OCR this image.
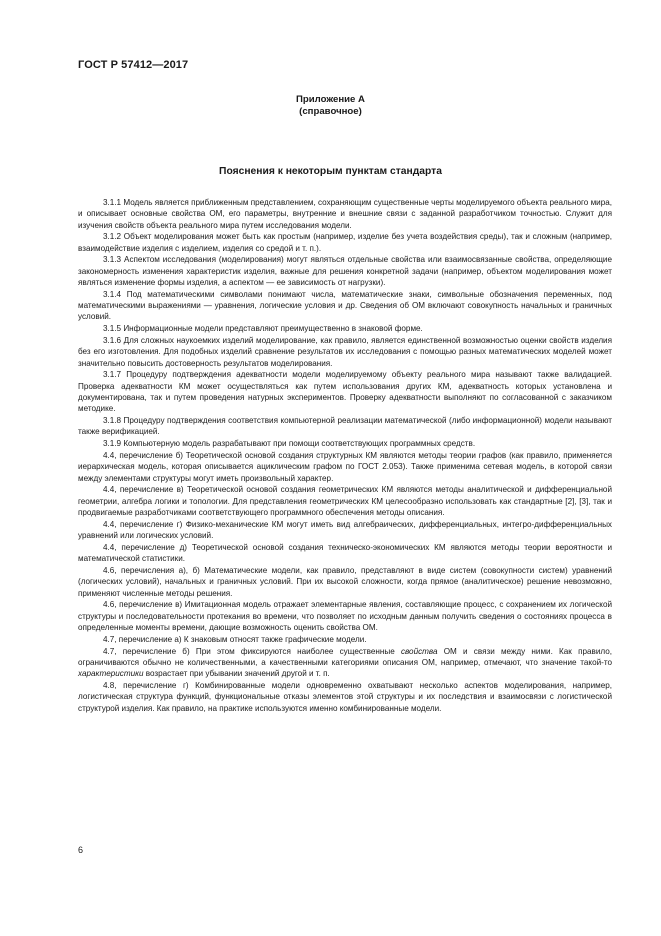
ГОСТ Р 57412—2017
Приложение А
(справочное)
Пояснения к некоторым пунктам стандарта

3.1.1 Модель является приближенным представлением, сохраняющим существенные черты моделируемого объекта реального мира, и описывает основные свойства ОМ, его параметры, внутренние и внешние связи с заданной разработчиком точностью. Служит для изучения свойств объекта реального мира путем исследования модели.

3.1.2 Объект моделирования может быть как простым (например, изделие без учета воздействия среды), так и сложным (например, взаимодействие изделия с изделием, изделия со средой и т. п.).

3.1.3 Аспектом исследования (моделирования) могут являться отдельные свойства или взаимосвязанные свойства, определяющие закономерность изменения характеристик изделия, важные для решения конкретной задачи (например, объектом моделирования может являться изменение формы изделия, а аспектом — ее зависимость от нагрузки).

3.1.4 Под математическими символами понимают числа, математические знаки, символьные обозначения переменных, под математическими выражениями — уравнения, логические условия и др. Сведения об ОМ включают совокупность начальных и граничных условий.

3.1.5 Информационные модели представляют преимущественно в знаковой форме.

3.1.6 Для сложных наукоемких изделий моделирование, как правило, является единственной возможностью оценки свойств изделия без его изготовления. Для подобных изделий сравнение результатов их исследования с помощью разных математических моделей может значительно повысить достоверность результатов моделирования.

3.1.7 Процедуру подтверждения адекватности модели моделируемому объекту реального мира называют также валидацией. Проверка адекватности КМ может осуществляться как путем использования других КМ, адекватность которых установлена и документирована, так и путем проведения натурных экспериментов. Проверку адекватности выполняют по согласованной с заказчиком методике.

3.1.8 Процедуру подтверждения соответствия компьютерной реализации математической (либо информационной) модели называют также верификацией.

3.1.9 Компьютерную модель разрабатывают при помощи соответствующих программных средств.

4.4, перечисление б) Теоретической основой создания структурных КМ являются методы теории графов (как правило, применяется иерархическая модель, которая описывается ациклическим графом по ГОСТ 2.053). Также применима сетевая модель, в которой связи между элементами структуры могут иметь произвольный характер.

4.4, перечисление в) Теоретической основой создания геометрических КМ являются методы аналитической и дифференциальной геометрии, алгебра логики и топологии. Для представления геометрических КМ целесообразно использовать как стандартные [2], [3], так и продвигаемые разработчиками соответствующего программного обеспечения методы описания.

4.4, перечисление г) Физико-механические КМ могут иметь вид алгебраических, дифференциальных, интегро-дифференциальных уравнений или логических условий.

4.4, перечисление д) Теоретической основой создания техническо-экономических КМ являются методы теории вероятности и математической статистики.

4.6, перечисления а), б) Математические модели, как правило, представляют в виде систем (совокупности систем) уравнений (логических условий), начальных и граничных условий. При их высокой сложности, когда прямое (аналитическое) решение невозможно, применяют численные методы решения.

4.6, перечисление в) Имитационная модель отражает элементарные явления, составляющие процесс, с сохранением их логической структуры и последовательности протекания во времени, что позволяет по исходным данным получить сведения о состояниях процесса в определенные моменты времени, дающие возможность оценить свойства ОМ.

4.7, перечисление а) К знаковым относят также графические модели.

4.7, перечисление б) При этом фиксируются наиболее существенные свойства ОМ и связи между ними. Как правило, ограничиваются обычно не количественными, а качественными категориями описания ОМ, например, отмечают, что значение такой-то характеристики возрастает при убывании значений другой и т. п.

4.8, перечисление г) Комбинированные модели одновременно охватывают несколько аспектов моделирования, например, логистическая структура функций, функциональные отказы элементов этой структуры и их последствия и взаимосвязи с логистической структурой изделия. Как правило, на практике используются именно комбинированные модели.

6
